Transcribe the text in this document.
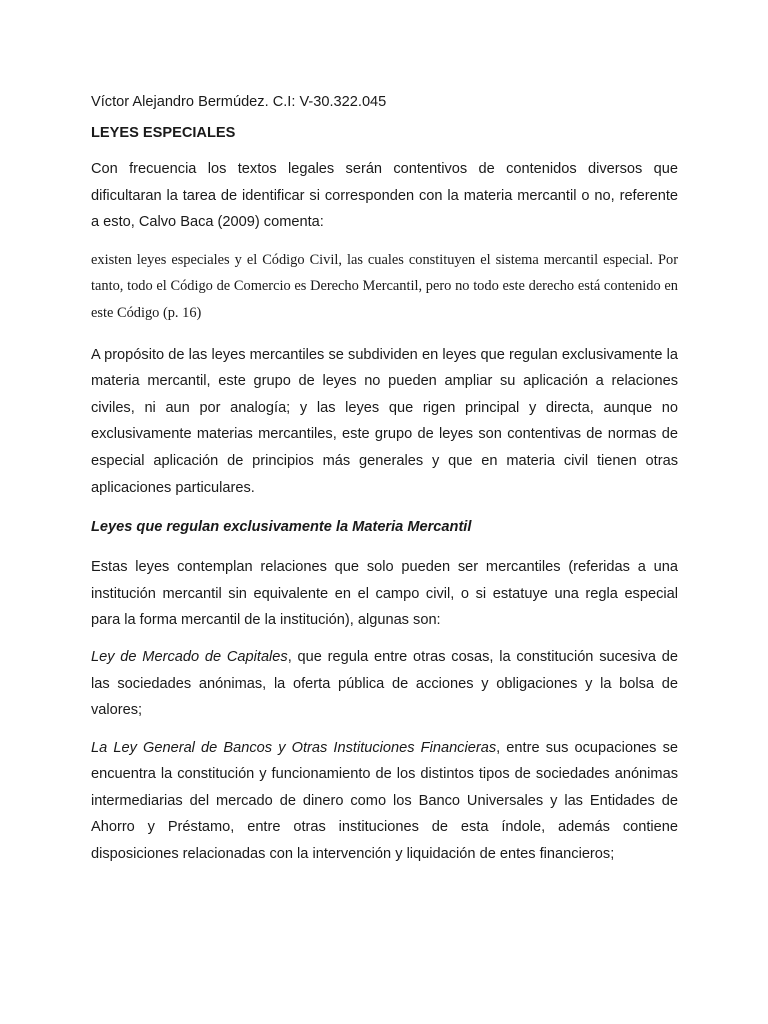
Víctor Alejandro Bermúdez. C.I: V-30.322.045

LEYES ESPECIALES

Con frecuencia los textos legales serán contentivos de contenidos diversos que dificultaran la tarea de identificar si corresponden con la materia mercantil o no, referente a esto, Calvo Baca (2009) comenta:

existen leyes especiales y el Código Civil, las cuales constituyen el sistema mercantil especial. Por tanto, todo el Código de Comercio es Derecho Mercantil, pero no todo este derecho está contenido en este Código (p. 16)

A propósito de las leyes mercantiles se subdividen en leyes que regulan exclusivamente la materia mercantil, este grupo de leyes no pueden ampliar su aplicación a relaciones civiles, ni aun por analogía; y las leyes que rigen principal y directa, aunque no exclusivamente materias mercantiles, este grupo de leyes son contentivas de normas de especial aplicación de principios más generales y que en materia civil tienen otras aplicaciones particulares.

Leyes que regulan exclusivamente la Materia Mercantil

Estas leyes contemplan relaciones que solo pueden ser mercantiles (referidas a una institución mercantil sin equivalente en el campo civil, o si estatuye una regla especial para la forma mercantil de la institución), algunas son:

Ley de Mercado de Capitales, que regula entre otras cosas, la constitución sucesiva de las sociedades anónimas, la oferta pública de acciones y obligaciones y la bolsa de valores;

La Ley General de Bancos y Otras Instituciones Financieras, entre sus ocupaciones se encuentra la constitución y funcionamiento de los distintos tipos de sociedades anónimas intermediarias del mercado de dinero como los Banco Universales y las Entidades de Ahorro y Préstamo, entre otras instituciones de esta índole, además contiene disposiciones relacionadas con la intervención y liquidación de entes financieros;
